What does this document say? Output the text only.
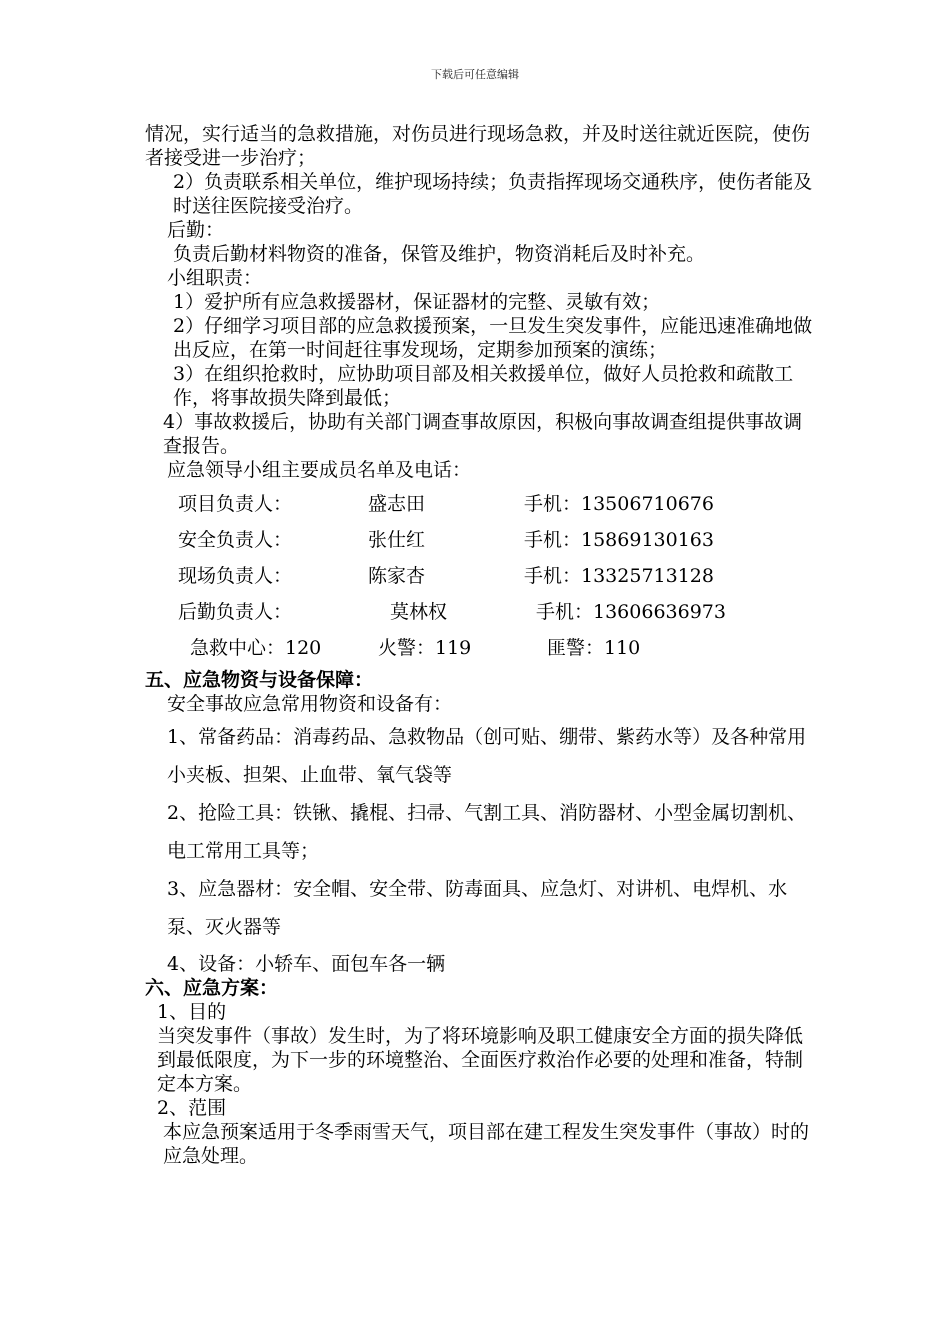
下载后可任意编辑

情况，实行适当的急救措施，对伤员进行现场急救，并及时送往就近医院，使伤者接受进一步治疗；

2）负责联系相关单位，维护现场持续；负责指挥现场交通秩序，使伤者能及时送往医院接受治疗。

后勤：

负责后勤材料物资的准备，保管及维护，物资消耗后及时补充。

小组职责：

1）爱护所有应急救援器材，保证器材的完整、灵敏有效；

2）仔细学习项目部的应急救援预案，一旦发生突发事件，应能迅速准确地做出反应，在第一时间赶往事发现场，定期参加预案的演练；

3）在组织抢救时，应协助项目部及相关救援单位，做好人员抢救和疏散工作，将事故损失降到最低；

4）事故救援后，协助有关部门调查事故原因，积极向事故调查组提供事故调查报告。

应急领导小组主要成员名单及电话：

项目负责人：	盛志田	手机：13506710676
安全负责人：	张仕红	手机：15869130163
现场负责人：	陈家杏	手机：13325713128
后勤负责人：	莫林权	手机：13606636973
急救中心：120	火警：119	匪警：110

五、应急物资与设备保障：

安全事故应急常用物资和设备有：

1、常备药品：消毒药品、急救物品（创可贴、绷带、紫药水等）及各种常用小夹板、担架、止血带、氧气袋等

2、抢险工具：铁锹、撬棍、扫帚、气割工具、消防器材、小型金属切割机、电工常用工具等；

3、应急器材：安全帽、安全带、防毒面具、应急灯、对讲机、电焊机、水泵、灭火器等

4、设备：小轿车、面包车各一辆

六、应急方案：

1、目的

当突发事件（事故）发生时，为了将环境影响及职工健康安全方面的损失降低到最低限度，为下一步的环境整治、全面医疗救治作必要的处理和准备，特制定本方案。

2、范围

本应急预案适用于冬季雨雪天气，项目部在建工程发生突发事件（事故）时的应急处理。
